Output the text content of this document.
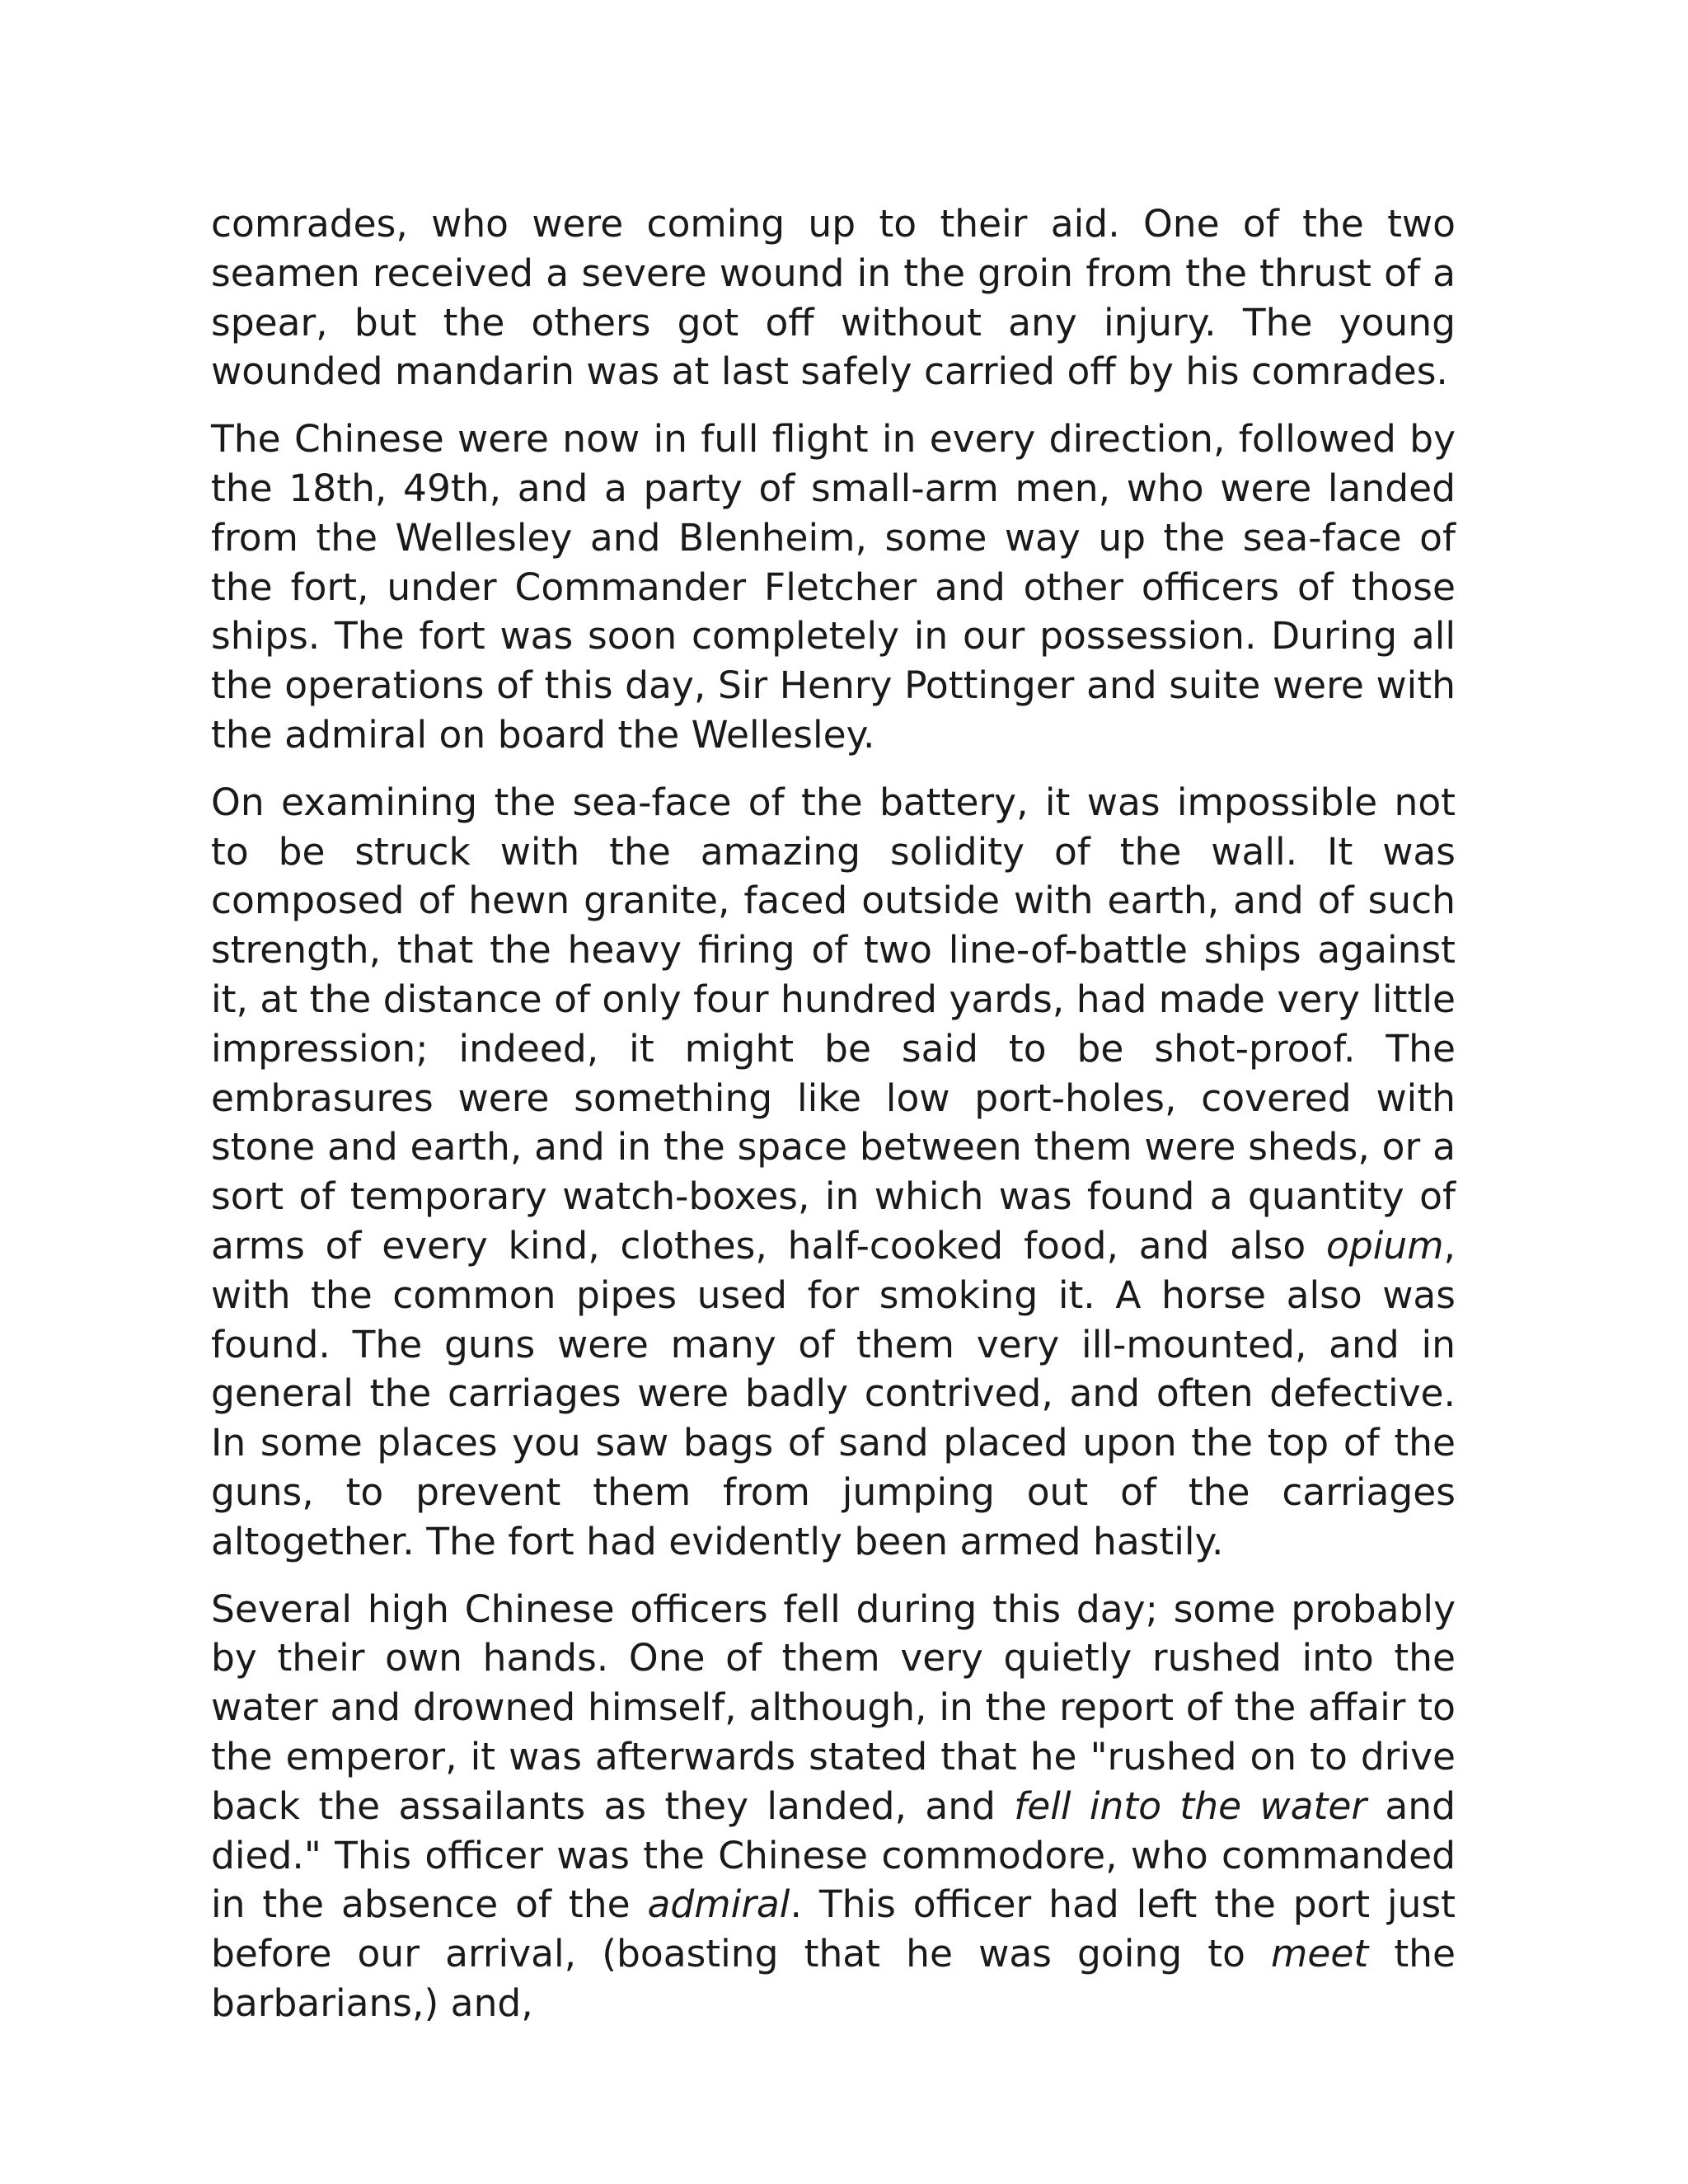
comrades, who were coming up to their aid. One of the two seamen received a severe wound in the groin from the thrust of a spear, but the others got off without any injury. The young wounded mandarin was at last safely carried off by his comrades.

The Chinese were now in full flight in every direction, followed by the 18th, 49th, and a party of small-arm men, who were landed from the Wellesley and Blenheim, some way up the sea-face of the fort, under Commander Fletcher and other officers of those ships. The fort was soon completely in our possession. During all the operations of this day, Sir Henry Pottinger and suite were with the admiral on board the Wellesley.

On examining the sea-face of the battery, it was impossible not to be struck with the amazing solidity of the wall. It was composed of hewn granite, faced outside with earth, and of such strength, that the heavy firing of two line-of-battle ships against it, at the distance of only four hundred yards, had made very little impression; indeed, it might be said to be shot-proof. The embrasures were something like low port-holes, covered with stone and earth, and in the space between them were sheds, or a sort of temporary watch-boxes, in which was found a quantity of arms of every kind, clothes, half-cooked food, and also opium, with the common pipes used for smoking it. A horse also was found. The guns were many of them very ill-mounted, and in general the carriages were badly contrived, and often defective. In some places you saw bags of sand placed upon the top of the guns, to prevent them from jumping out of the carriages altogether. The fort had evidently been armed hastily.

Several high Chinese officers fell during this day; some probably by their own hands. One of them very quietly rushed into the water and drowned himself, although, in the report of the affair to the emperor, it was afterwards stated that he "rushed on to drive back the assailants as they landed, and fell into the water and died." This officer was the Chinese commodore, who commanded in the absence of the admiral. This officer had left the port just before our arrival, (boasting that he was going to meet the barbarians,) and,
